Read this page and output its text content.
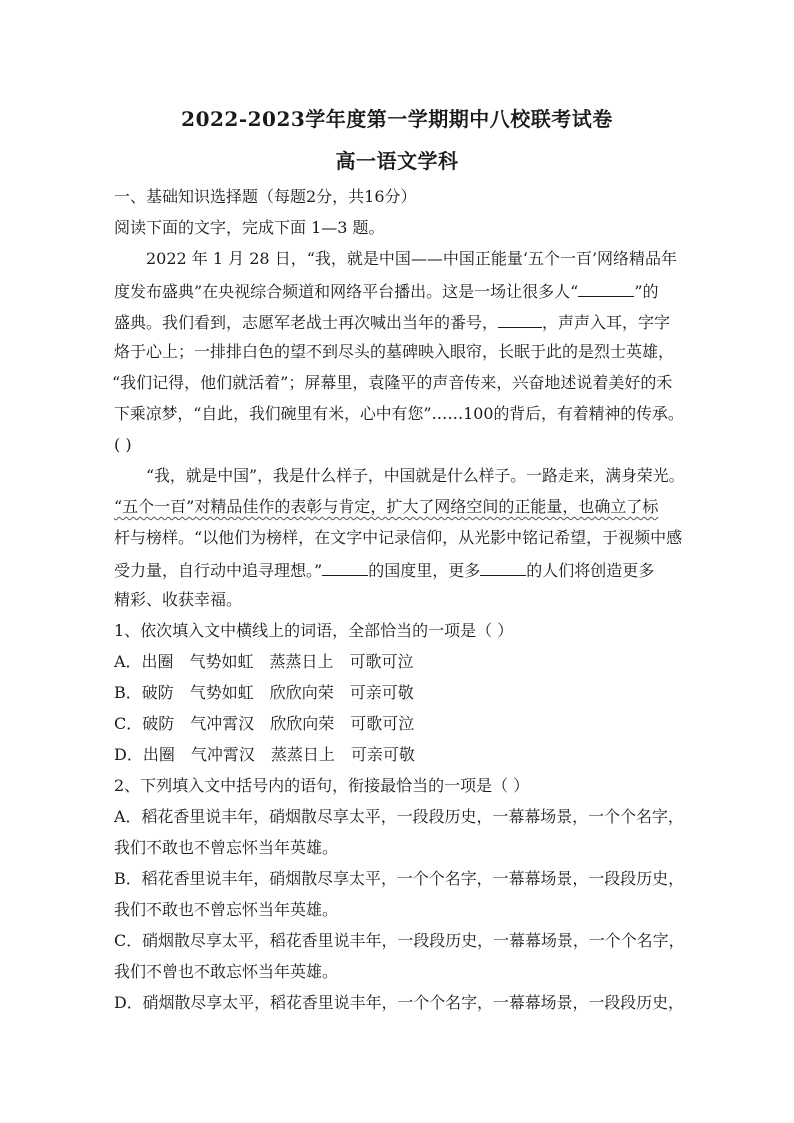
2022-2023学年度第一学期期中八校联考试卷
高一语文学科
一、基础知识选择题（每题2分，共16分）
阅读下面的文字，完成下面 1—3 题。
2022 年 1 月 28 日，“我，就是中国——中国正能量‘五个一百’网络精品年
度发布盛典”在央视综合频道和网络平台播出。这是一场让很多人“	”的
盛典。我们看到，志愿军老战士再次喊出当年的番号，	，声声入耳，字字
烙于心上；一排排白色的望不到尽头的墓碑映入眼帘，长眠于此的是烈士英雄，
“我们记得，他们就活着”；屏幕里，袁隆平的声音传来，兴奋地述说着美好的禾
下乘凉梦，“自此，我们碗里有米，心中有您”……100的背后，有着精神的传承。
( )
“我，就是中国”，我是什么样子，中国就是什么样子。一路走来，满身荣光。
“五个一百”对精品佳作的表彰与肯定，扩大了网络空间的正能量，也确立了标
杆与榜样。“以他们为榜样，在文字中记录信仰，从光影中铭记希望，于视频中感
受力量，自行动中追寻理想。”	的国度里，更多	的人们将创造更多
精彩、收获幸福。
1、依次填入文中横线上的词语，全部恰当的一项是（ ）
A．出圈　气势如虹　蒸蒸日上　可歌可泣
B．破防　气势如虹　欣欣向荣　可亲可敬
C．破防　气冲霄汉　欣欣向荣　可歌可泣
D．出圈　气冲霄汉　蒸蒸日上　可亲可敬
2、下列填入文中括号内的语句，衔接最恰当的一项是（ ）
A．稻花香里说丰年，硝烟散尽享太平，一段段历史，一幕幕场景，一个个名字，
我们不敢也不曾忘怀当年英雄。
B．稻花香里说丰年，硝烟散尽享太平，一个个名字，一幕幕场景，一段段历史，
我们不敢也不曾忘怀当年英雄。
C．硝烟散尽享太平，稻花香里说丰年，一段段历史，一幕幕场景，一个个名字，
我们不曾也不敢忘怀当年英雄。
D．硝烟散尽享太平，稻花香里说丰年，一个个名字，一幕幕场景，一段段历史，
